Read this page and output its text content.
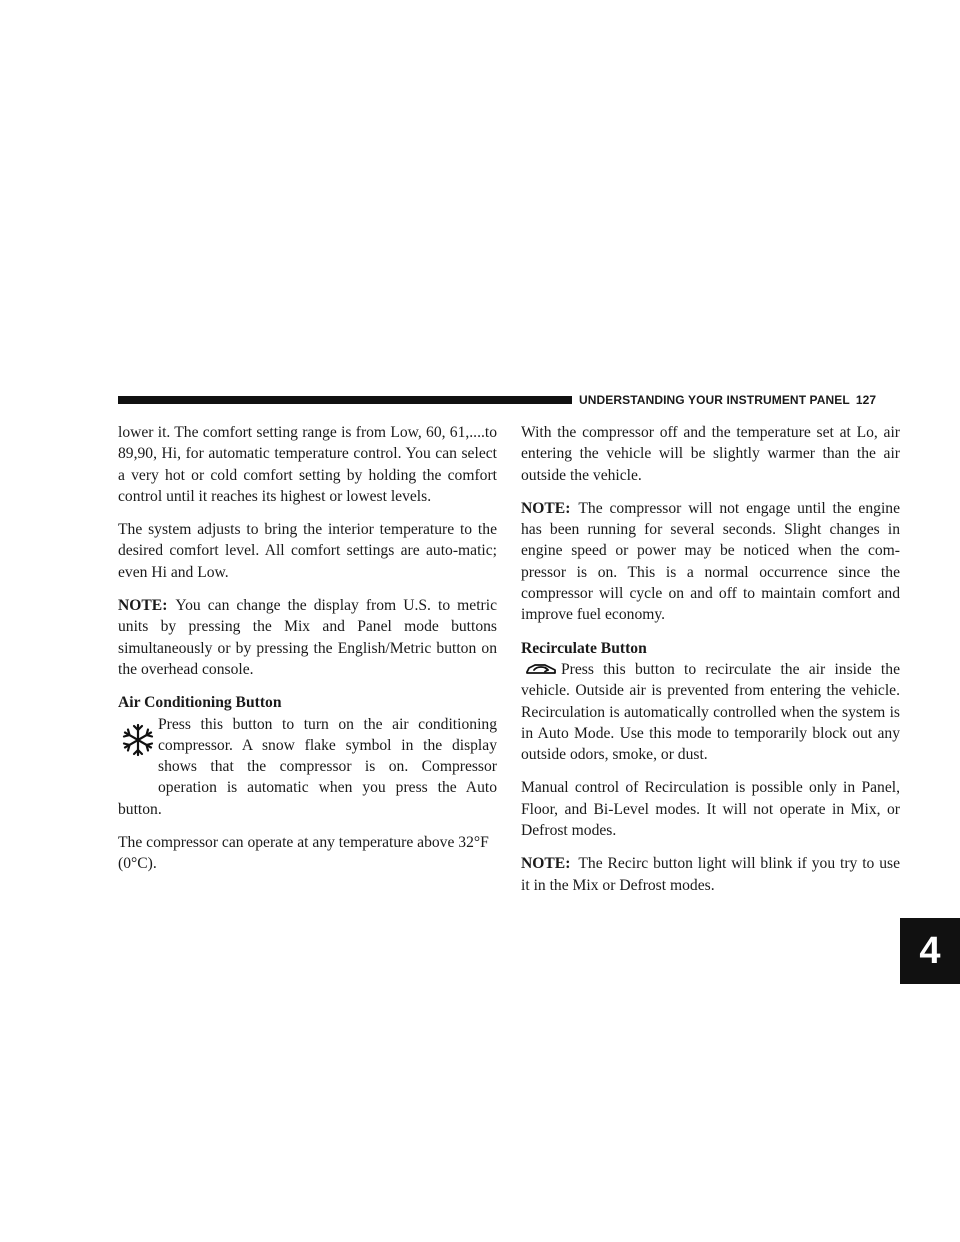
UNDERSTANDING YOUR INSTRUMENT PANEL 127
4

lower it. The comfort setting range is from Low, 60, 61,....to 89,90, Hi, for automatic temperature control. You can select a very hot or cold comfort setting by holding the comfort control until it reaches its highest or lowest levels.

The system adjusts to bring the interior temperature to the desired comfort level. All comfort settings are auto-matic; even Hi and Low.

NOTE: You can change the display from U.S. to metric units by pressing the Mix and Panel mode buttons simultaneously or by pressing the English/Metric button on the overhead console.

Air Conditioning Button
Press this button to turn on the air conditioning compressor. A snow flake symbol in the display shows that the compressor is on. Compressor operation is automatic when you press the Auto button.

The compressor can operate at any temperature above 32°F (0°C).

With the compressor off and the temperature set at Lo, air entering the vehicle will be slightly warmer than the air outside the vehicle.

NOTE: The compressor will not engage until the engine has been running for several seconds. Slight changes in engine speed or power may be noticed when the com-pressor is on. This is a normal occurrence since the compressor will cycle on and off to maintain comfort and improve fuel economy.

Recirculate Button
Press this button to recirculate the air inside the vehicle. Outside air is prevented from entering the vehicle. Recirculation is automatically controlled when the system is in Auto Mode. Use this mode to temporarily block out any outside odors, smoke, or dust.

Manual control of Recirculation is possible only in Panel, Floor, and Bi-Level modes. It will not operate in Mix, or Defrost modes.

NOTE: The Recirc button light will blink if you try to use it in the Mix or Defrost modes.
